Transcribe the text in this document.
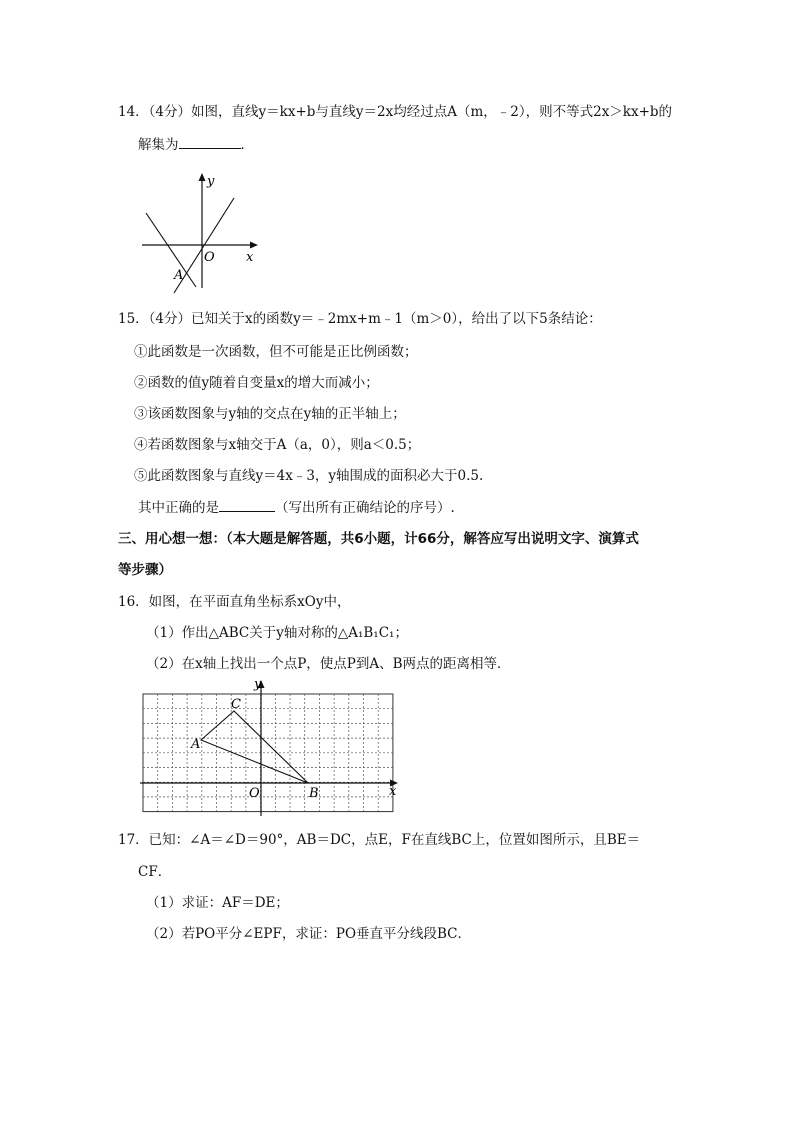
14．（4分）如图，直线y＝kx+b与直线y＝2x均经过点A（m，﹣2），则不等式2x＞kx+b的
解集为	．
y
x
O
A
15．（4分）已知关于x的函数y＝﹣2mx+m﹣1（m＞0），给出了以下5条结论：
①此函数是一次函数，但不可能是正比例函数；
②函数的值y随着自变量x的增大而减小；
③该函数图象与y轴的交点在y轴的正半轴上；
④若函数图象与x轴交于A（a，0），则a＜0.5；
⑤此函数图象与直线y＝4x﹣3，y轴围成的面积必大于0.5.
其中正确的是	（写出所有正确结论的序号）.
三、用心想一想：（本大题是解答题，共6小题，计66分，解答应写出说明文字、演算式
等步骤）
16．如图，在平面直角坐标系xOy中，
（1）作出△ABC关于y轴对称的△A₁B₁C₁；
（2）在x轴上找出一个点P，使点P到A、B两点的距离相等．
y
x
O
A
B
C
17．已知：∠A＝∠D＝90°，AB＝DC，点E，F在直线BC上，位置如图所示，且BE＝
CF．
（1）求证：AF＝DE；
（2）若PO平分∠EPF，求证：PO垂直平分线段BC．
